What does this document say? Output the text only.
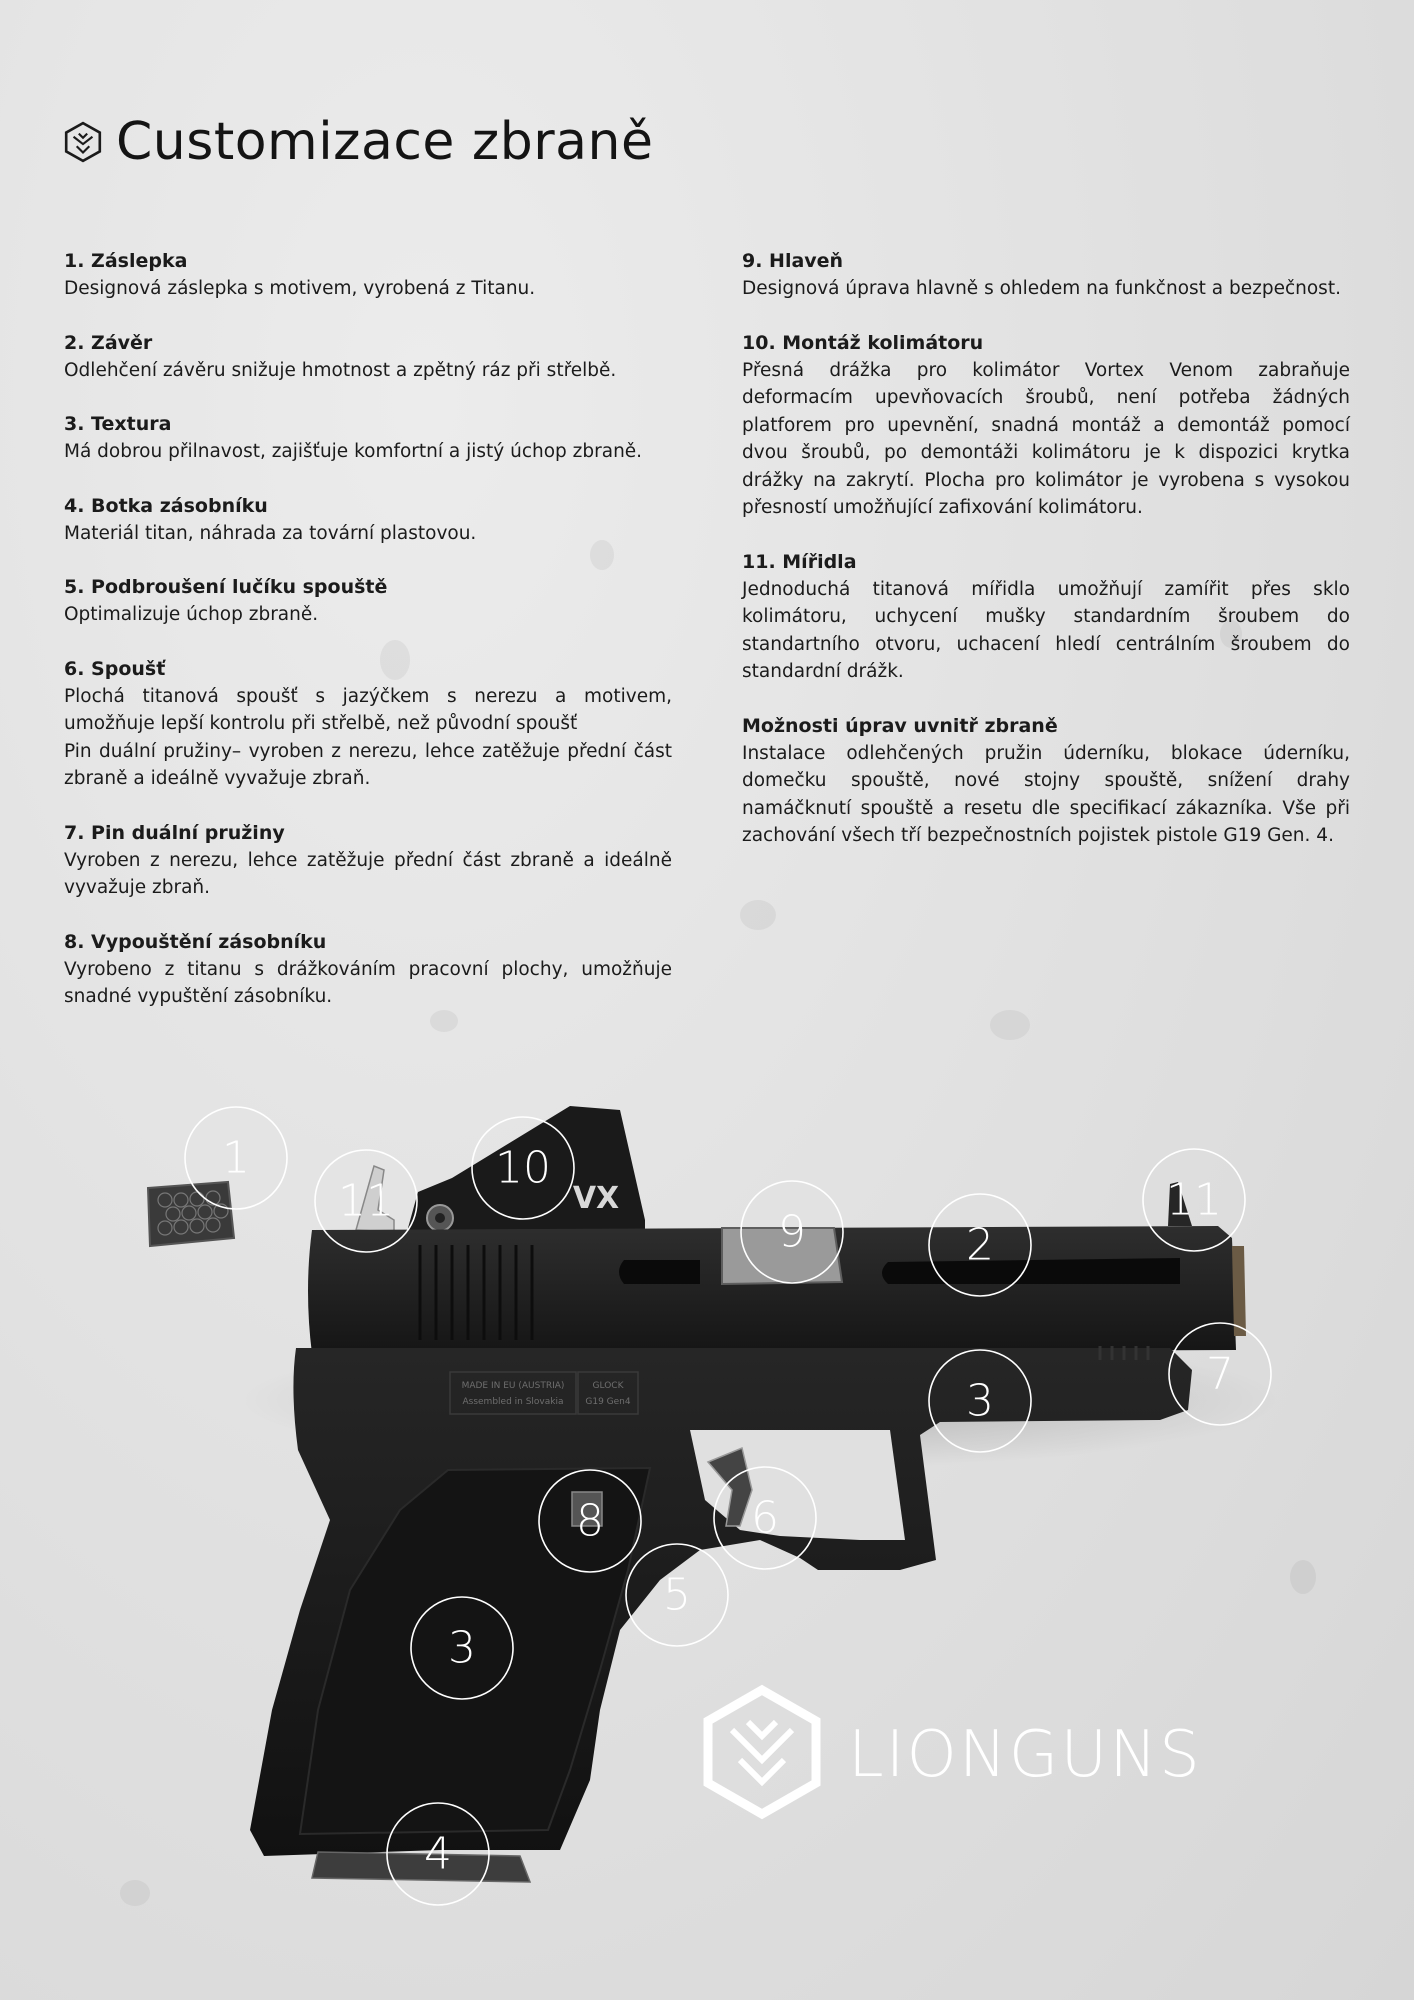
Customizace zbraně

1. Záslepka

Designová záslepka s motivem, vyrobená z Titanu.

2. Závěr

Odlehčení závěru snižuje hmotnost a zpětný ráz při střelbě.

3. Textura

Má dobrou přilnavost, zajišťuje komfortní a jistý úchop zbraně.

4. Botka zásobníku

Materiál titan, náhrada za tovární plastovou.

5. Podbroušení lučíku spouště

Optimalizuje úchop zbraně.

6. Spoušť

Plochá titanová spoušť s jazýčkem s nerezu a motivem, umožňuje lepší kontrolu při střelbě, než původní spoušť
Pin duální pružiny– vyroben z nerezu, lehce zatěžuje přední část zbraně a ideálně vyvažuje zbraň.

7. Pin duální pružiny

Vyroben z nerezu, lehce zatěžuje přední část zbraně a ideálně vyvažuje zbraň.

8. Vypouštění zásobníku

Vyrobeno z titanu s drážkováním pracovní plochy, umožňuje snadné vypuštění zásobníku.

9. Hlaveň

Designová úprava hlavně s ohledem na funkčnost a bezpečnost.

10. Montáž kolimátoru

Přesná drážka pro kolimátor Vortex Venom zabraňuje deformacím upevňovacích šroubů, není potřeba žádných platforem pro upevnění, snadná montáž a demontáž pomocí dvou šroubů, po demontáži kolimátoru je k dispozici krytka drážky na zakrytí. Plocha pro kolimátor je vyrobena s vysokou přesností umožňující zafixování kolimátoru.

11. Mířidla

Jednoduchá titanová mířidla umožňují zamířit přes sklo kolimátoru, uchycení mušky standardním šroubem do standartního otvoru, uchacení hledí centrálním šroubem do standardní drážk.

Možnosti úprav uvnitř zbraně

Instalace odlehčených pružin úderníku, blokace úderníku, domečku spouště, nové stojny spouště, snížení drahy namáčknutí spouště a resetu dle specifikací zákazníka. Vše při zachování všech tří bezpečnostních pojistek pistole G19 Gen. 4.

VX
MADE IN EU (AUSTRIA)
Assembled in Slovakia
GLOCK
G19 Gen4
1
11
10
9	2
11
7
3
8	6
5
3
4
LIONGUNS
